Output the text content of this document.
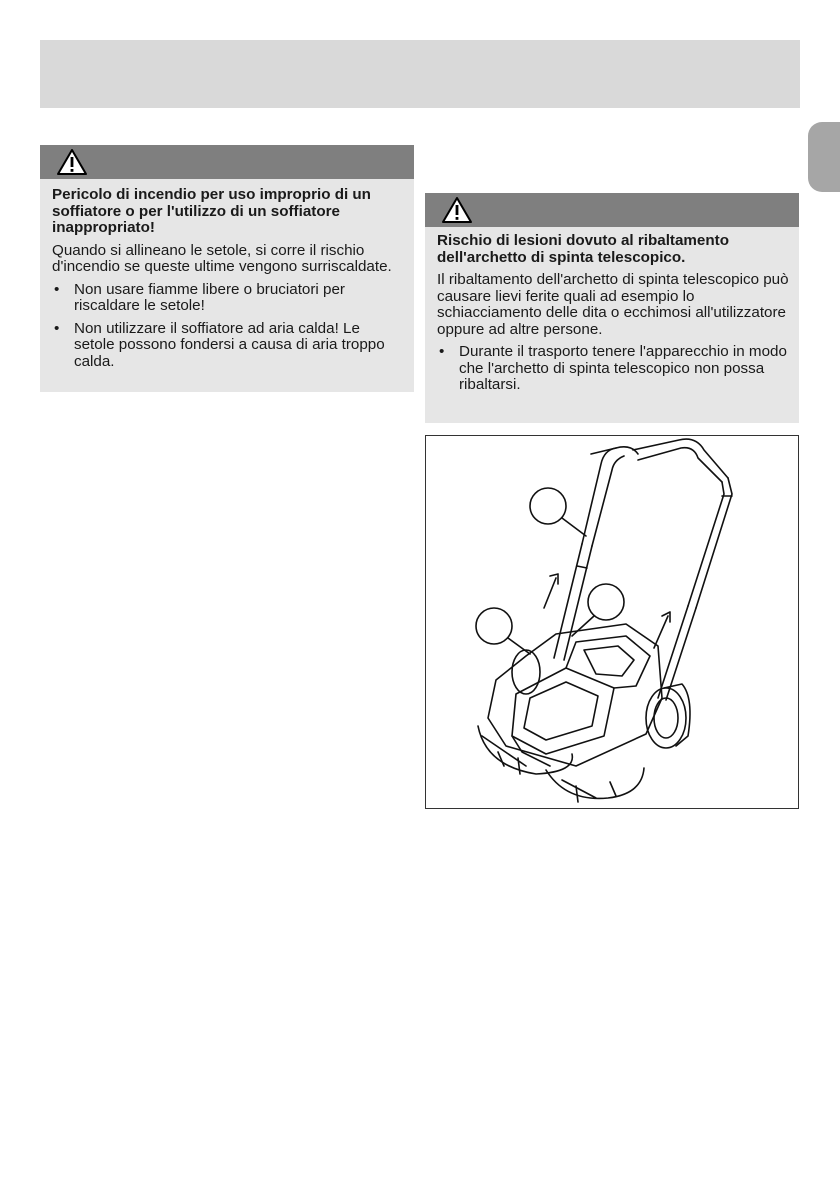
Pericolo di incendio per uso improprio di un soffiatore o per l'utilizzo di un soffiatore inappropriato!

Quando si allineano le setole, si corre il rischio d'incendio se queste ultime vengono surriscaldate.

• Non usare fiamme libere o bruciatori per riscaldare le setole!
• Non utilizzare il soffiatore ad aria calda! Le setole possono fondersi a causa di aria troppo calda.

Rischio di lesioni dovuto al ribaltamento dell'archetto di spinta telescopico.

Il ribaltamento dell'archetto di spinta telescopico può causare lievi ferite quali ad esempio lo schiacciamento delle dita o ecchimosi all'utilizzatore oppure ad altre persone.

• Durante il trasporto tenere l'apparecchio in modo che l'archetto di spinta telescopico non possa ribaltarsi.
